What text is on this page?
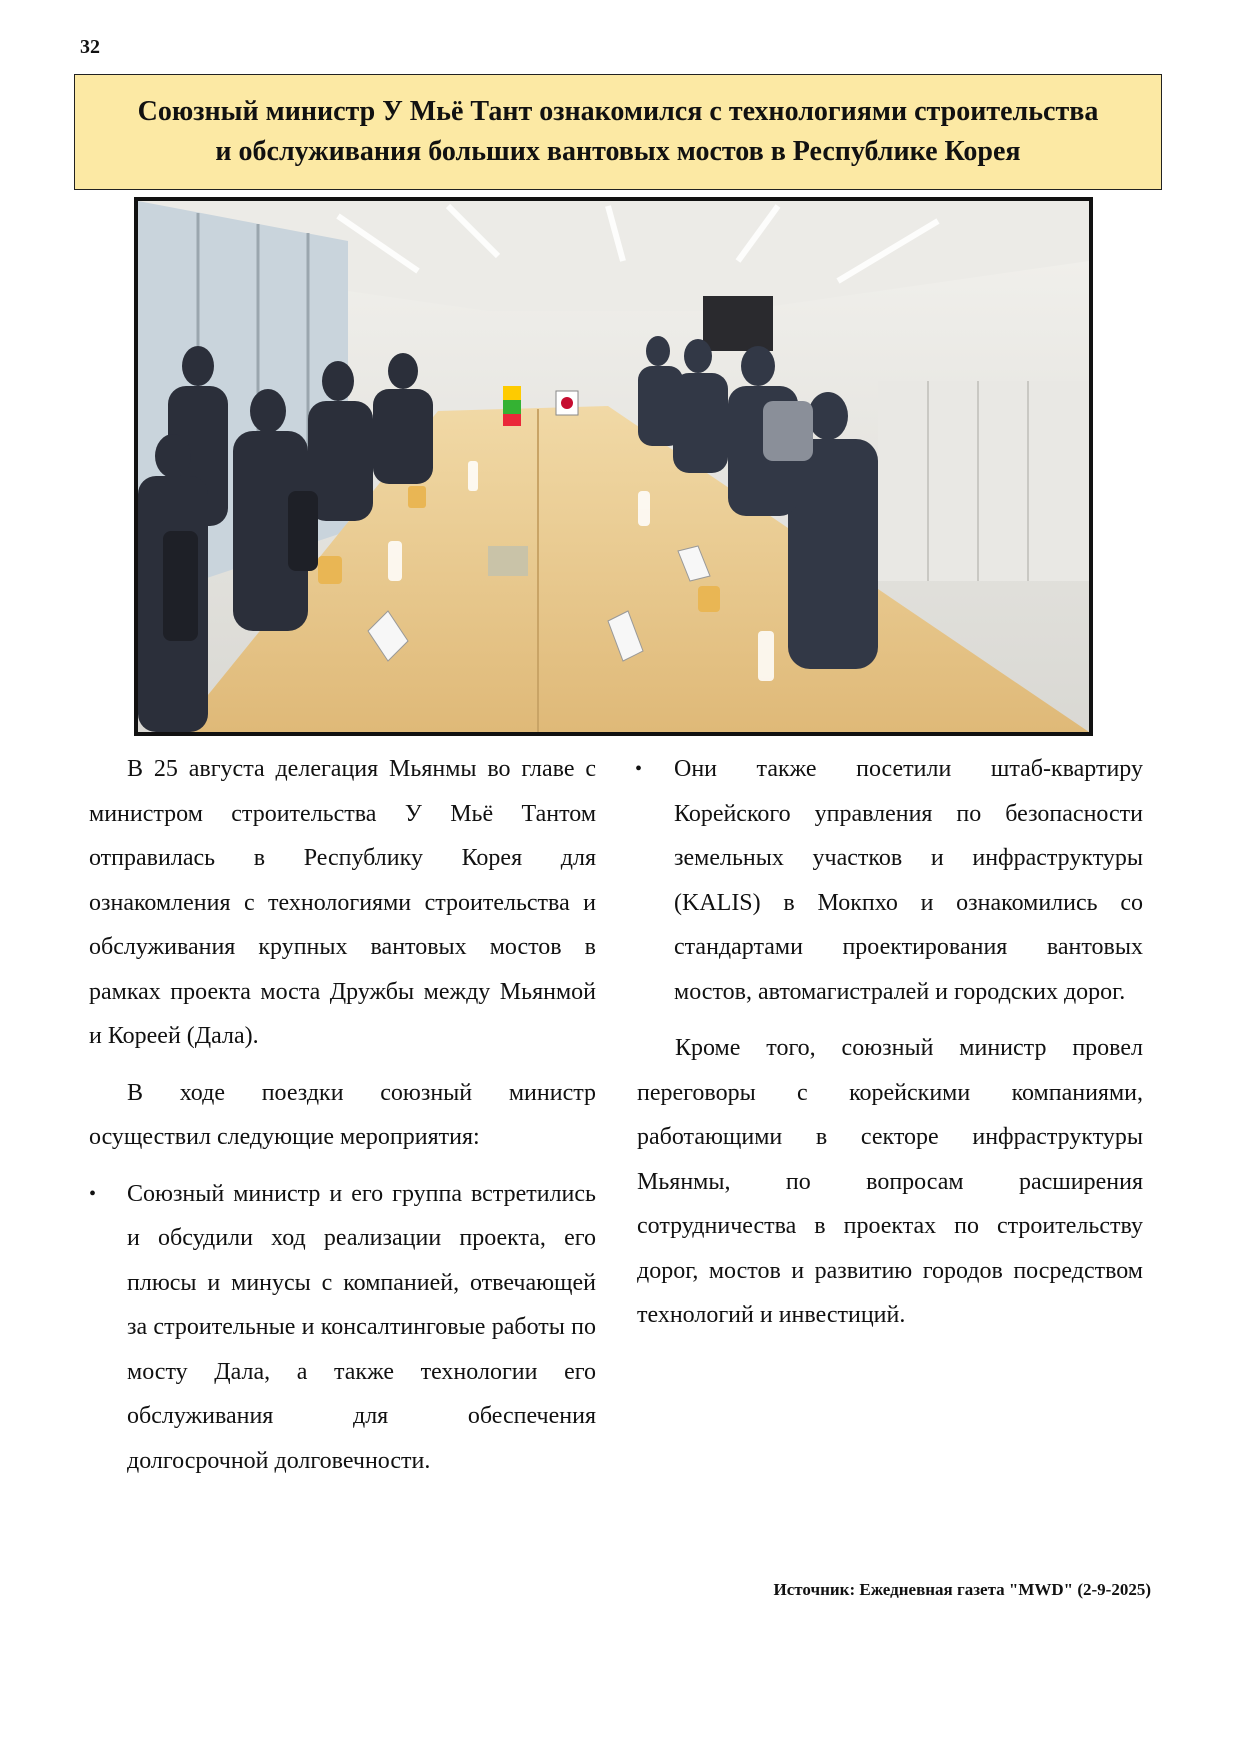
32
Союзный министр У Мьё Тант ознакомился с технологиями строительства
и обслуживания больших вантовых мостов в Республике Корея

В 25 августа делегация Мьянмы во главе с министром строительства У Мьё Тантом отправилась в Республику Корея для ознакомления с технологиями строительства и обслуживания крупных вантовых мостов в рамках проекта моста Дружбы между Мьянмой и Кореей (Дала).

В ходе поездки союзный министр осуществил следующие мероприятия:

• Союзный министр и его группа встретились и обсудили ход реализации проекта, его плюсы и минусы с компанией, отвечающей за строительные и консалтинговые работы по мосту Дала, а также технологии его обслуживания для обеспечения долгосрочной долговечности.
• Они также посетили штаб-квартиру Корейского управления по безопасности земельных участков и инфраструктуры (KALIS) в Мокпхо и ознакомились со стандартами проектирования вантовых мостов, автомагистралей и городских дорог.

Кроме того, союзный министр провел переговоры с корейскими компаниями, работающими в секторе инфраструктуры Мьянмы, по вопросам расширения сотрудничества в проектах по строительству дорог, мостов и развитию городов посредством технологий и инвестиций.

Источник: Ежедневная газета "MWD" (2-9-2025)
